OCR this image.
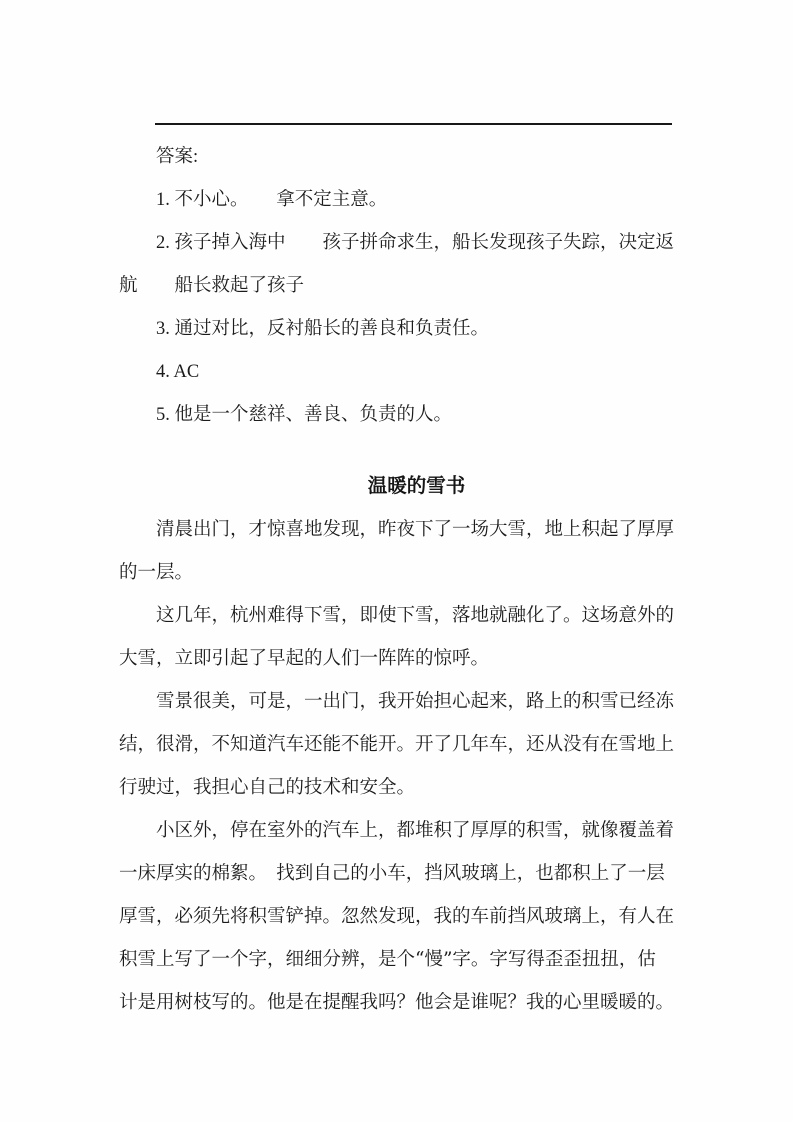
答案:
1. 不小心。　　拿不定主意。
2. 孩子掉入海中　　孩子拼命求生，船长发现孩子失踪，决定返
航　　船长救起了孩子
3. 通过对比，反衬船长的善良和负责任。
4. AC
5. 他是一个慈祥、善良、负责的人。
温暖的雪书
清晨出门，才惊喜地发现，昨夜下了一场大雪，地上积起了厚厚
的一层。
这几年，杭州难得下雪，即使下雪，落地就融化了。这场意外的
大雪，立即引起了早起的人们一阵阵的惊呼。
雪景很美，可是，一出门，我开始担心起来，路上的积雪已经冻
结，很滑，不知道汽车还能不能开。开了几年车，还从没有在雪地上
行驶过，我担心自己的技术和安全。
小区外，停在室外的汽车上，都堆积了厚厚的积雪，就像覆盖着
一床厚实的棉絮。　找到自己的小车，挡风玻璃上，也都积上了一层
厚雪，必须先将积雪铲掉。忽然发现，我的车前挡风玻璃上，有人在
积雪上写了一个字，细细分辨，是个“慢”字。字写得歪歪扭扭，估
计是用树枝写的。他是在提醒我吗？他会是谁呢？我的心里暖暖的。
